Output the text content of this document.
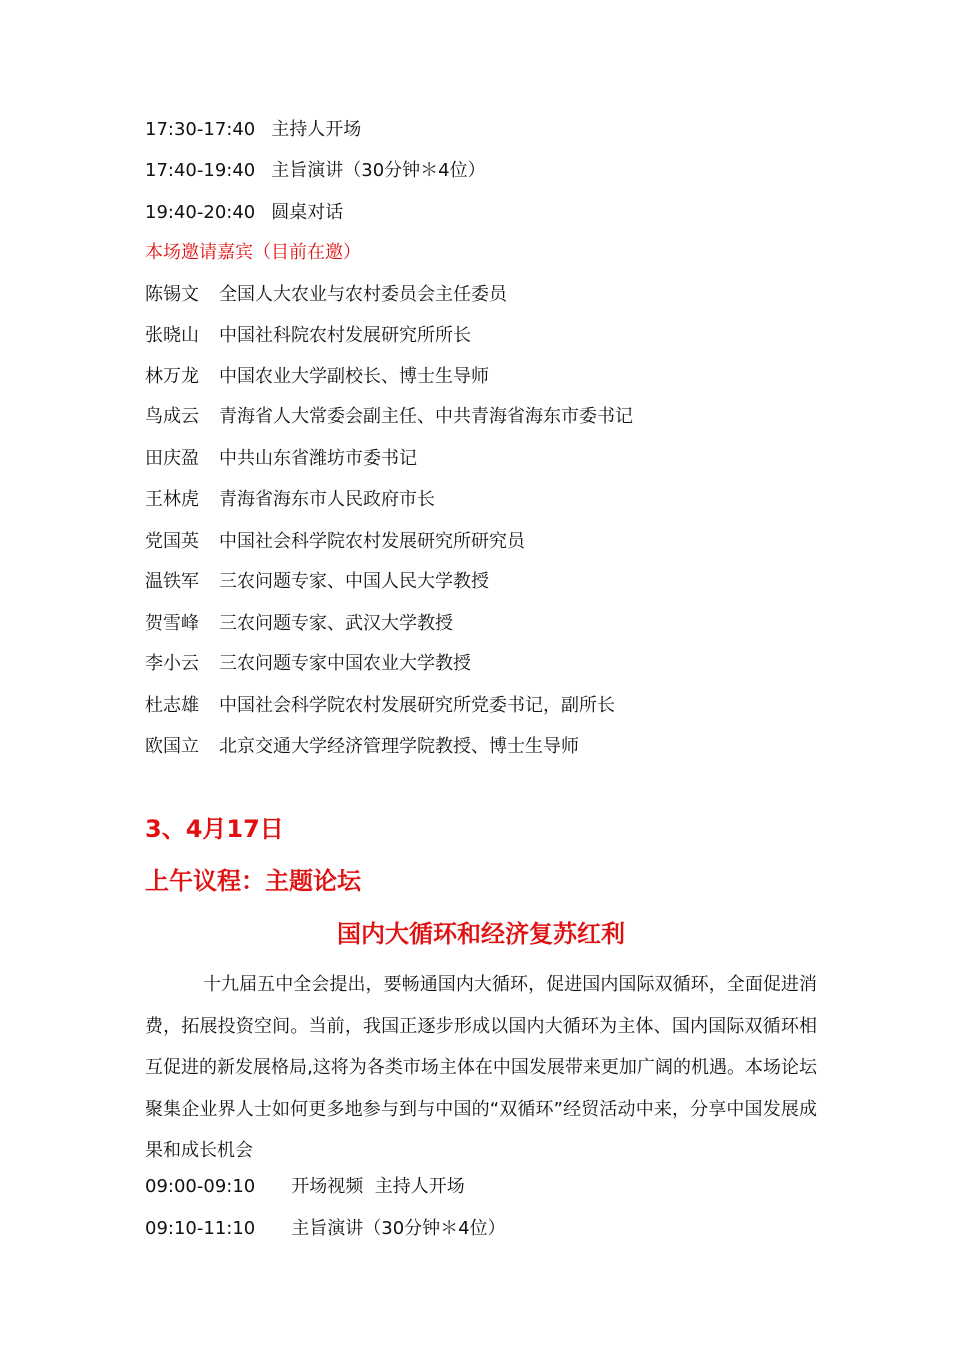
17:30-17:40 主持人开场
17:40-19:40 主旨演讲（30分钟＊4位）
19:40-20:40 圆桌对话
本场邀请嘉宾（目前在邀）
陈锡文 全国人大农业与农村委员会主任委员
张晓山 中国社科院农村发展研究所所长
林万龙 中国农业大学副校长、博士生导师
鸟成云 青海省人大常委会副主任、中共青海省海东市委书记
田庆盈 中共山东省潍坊市委书记
王林虎 青海省海东市人民政府市长
党国英 中国社会科学院农村发展研究所研究员
温铁军 三农问题专家、中国人民大学教授
贺雪峰 三农问题专家、武汉大学教授
李小云 三农问题专家中国农业大学教授
杜志雄 中国社会科学院农村发展研究所党委书记，副所长
欧国立 北京交通大学经济管理学院教授、博士生导师
3、4月17日
上午议程：主题论坛
国内大循环和经济复苏红利
十九届五中全会提出，要畅通国内大循环，促进国内国际双循环，全面促进消费，拓展投资空间。当前，我国正逐步形成以国内大循环为主体、国内国际双循环相互促进的新发展格局,这将为各类市场主体在中国发展带来更加广阔的机遇。本场论坛聚集企业界人士如何更多地参与到与中国的“双循环”经贸活动中来，分享中国发展成果和成长机会
09:00-09:10 开场视频  主持人开场
09:10-11:10 主旨演讲（30分钟＊4位）
